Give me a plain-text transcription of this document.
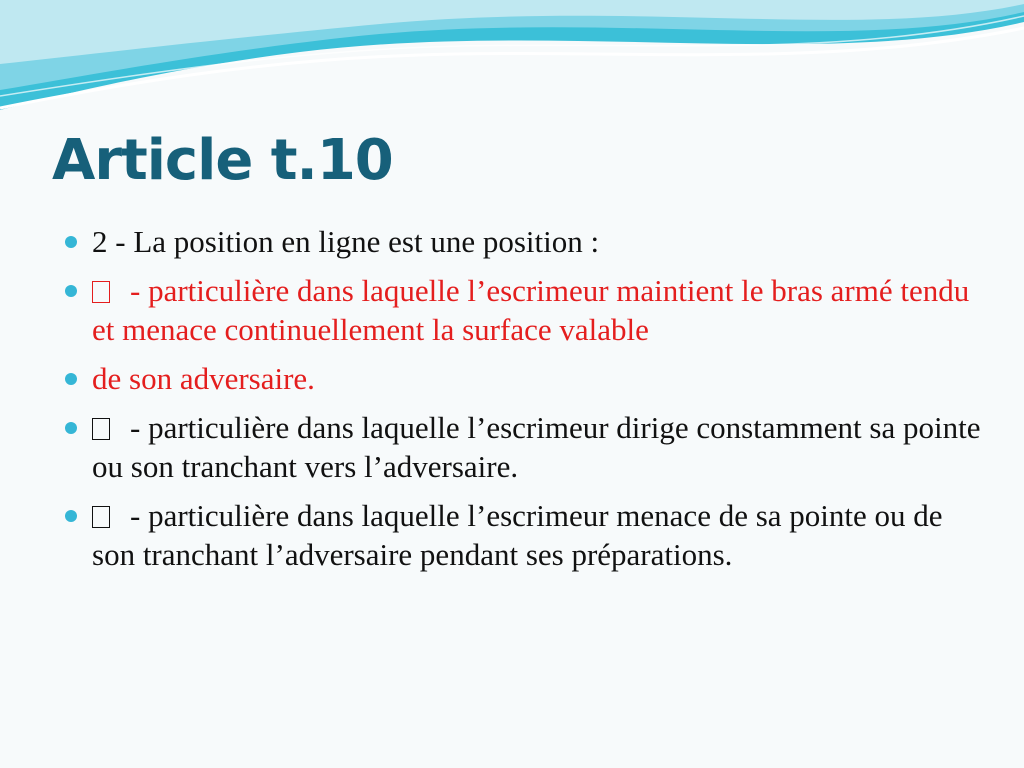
Article t.10
2 - La position en ligne est une position :
- particulière dans laquelle l’escrimeur maintient le bras armé tendu et menace continuellement la surface valable
de son adversaire.
- particulière dans laquelle l’escrimeur dirige constamment sa pointe ou son tranchant vers l’adversaire.
- particulière dans laquelle l’escrimeur menace de sa pointe ou de son tranchant l’adversaire pendant ses préparations.
